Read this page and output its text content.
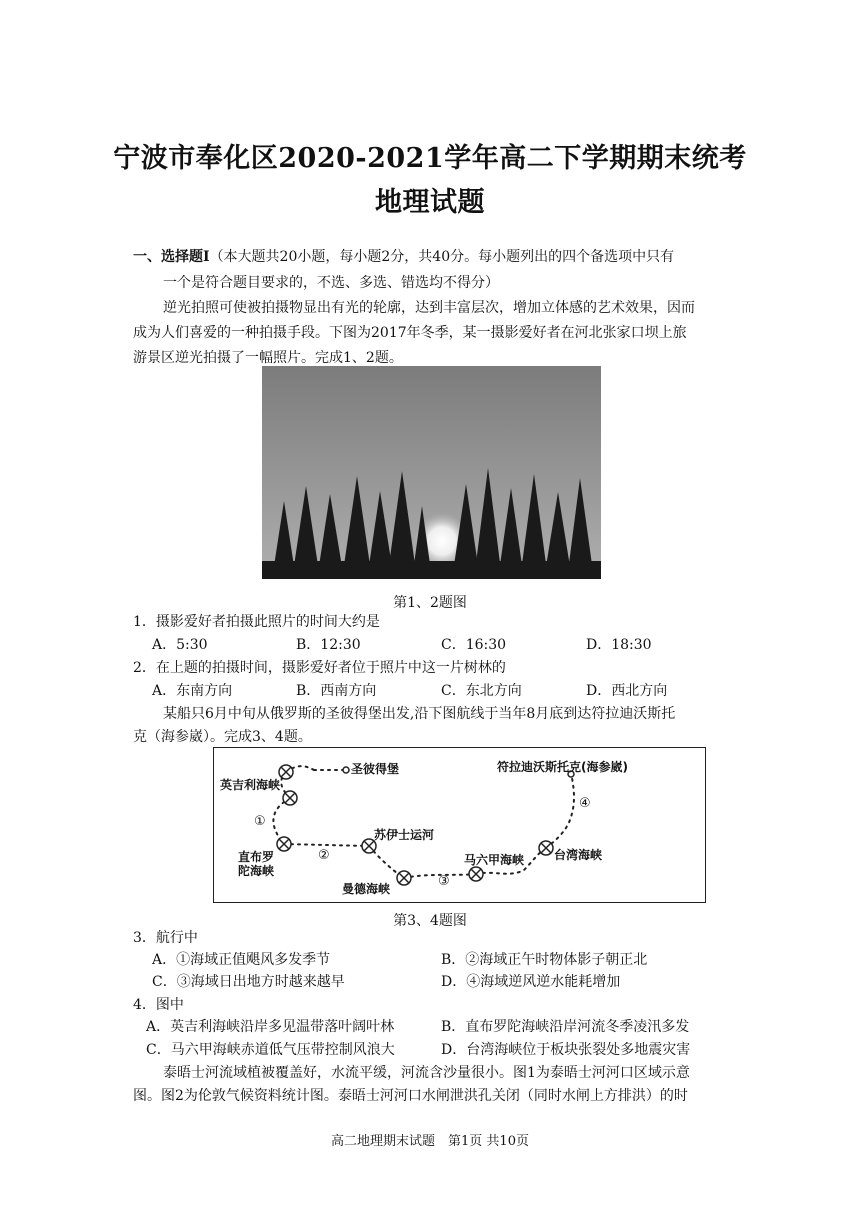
宁波市奉化区2020-2021学年高二下学期期末统考
地理试题
一、选择题Ⅰ（本大题共20小题，每小题2分，共40分。每小题列出的四个备选项中只有
一个是符合题目要求的，不选、多选、错选均不得分）
逆光拍照可使被拍摄物显出有光的轮廓，达到丰富层次，增加立体感的艺术效果，因而
成为人们喜爱的一种拍摄手段。下图为2017年冬季，某一摄影爱好者在河北张家口坝上旅
游景区逆光拍摄了一幅照片。完成1、2题。
第1、2题图
1．摄影爱好者拍摄此照片的时间大约是
A．5:30	B．12:30	C．16:30	D．18:30
2．在上题的拍摄时间，摄影爱好者位于照片中这一片树林的
A．东南方向	B．西南方向	C．东北方向	D．西北方向
某船只6月中旬从俄罗斯的圣彼得堡出发,沿下图航线于当年8月底到达符拉迪沃斯托
克（海参崴）。完成3、4题。
圣彼得堡
英吉利海峡
符拉迪沃斯托克(海参崴)
苏伊士运河
直布罗
陀海峡
马六甲海峡 台湾海峡
曼德海峡
①
②
③
④
第3、4题图
3．航行中
A．①海域正值飓风多发季节	B．②海域正午时物体影子朝正北
C．③海域日出地方时越来越早	D．④海域逆风逆水能耗增加
4．图中
A．英吉利海峡沿岸多见温带落叶阔叶林	B．直布罗陀海峡沿岸河流冬季凌汛多发
C．马六甲海峡赤道低气压带控制风浪大	D．台湾海峡位于板块张裂处多地震灾害
泰晤士河流域植被覆盖好，水流平缓，河流含沙量很小。图1为泰晤士河河口区域示意
图。图2为伦敦气候资料统计图。泰晤士河河口水闸泄洪孔关闭（同时水闸上方排洪）的时
高二地理期末试题　第1页 共10页
